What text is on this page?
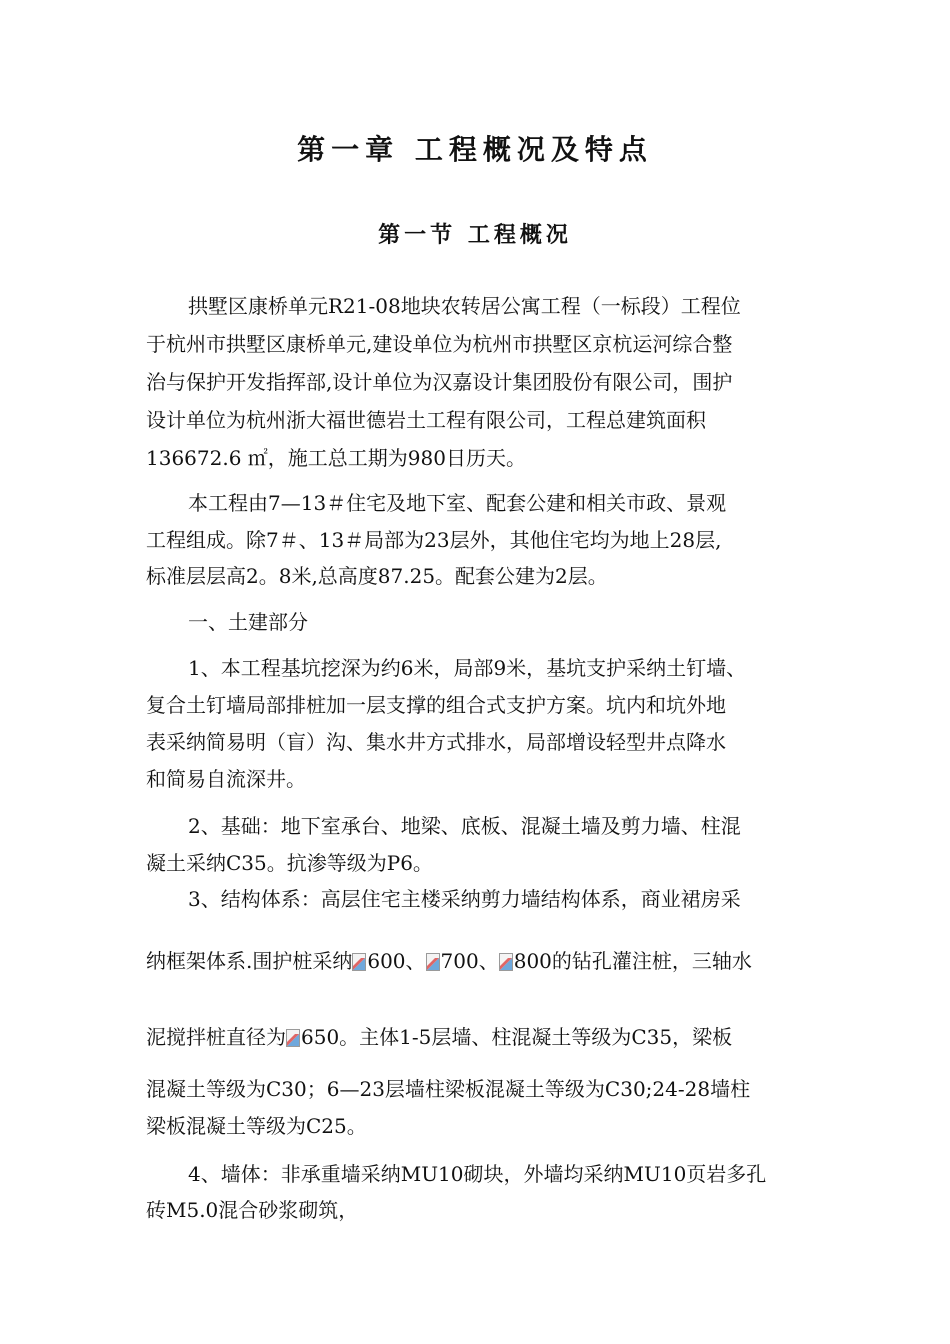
第一章 工程概况及特点
第一节 工程概况
拱墅区康桥单元R21-08地块农转居公寓工程（一标段）工程位
于杭州市拱墅区康桥单元,建设单位为杭州市拱墅区京杭运河综合整
治与保护开发指挥部,设计单位为汉嘉设计集团股份有限公司，围护
设计单位为杭州浙大福世德岩土工程有限公司，工程总建筑面积
136672.6 ㎡，施工总工期为980日历天。
本工程由7—13＃住宅及地下室、配套公建和相关市政、景观
工程组成。除7＃、13＃局部为23层外，其他住宅均为地上28层,
标准层层高2。8米,总高度87.25。配套公建为2层。
一、土建部分
1、本工程基坑挖深为约6米，局部9米，基坑支护采纳土钉墙、
复合土钉墙局部排桩加一层支撑的组合式支护方案。坑内和坑外地
表采纳简易明（盲）沟、集水井方式排水，局部增设轻型井点降水
和简易自流深井。
2、基础：地下室承台、地梁、底板、混凝土墙及剪力墙、柱混
凝土采纳C35。抗渗等级为P6。
3、结构体系：高层住宅主楼采纳剪力墙结构体系，商业裙房采
纳框架体系.围护桩采纳 600、 700、 800的钻孔灌注桩，三轴水
泥搅拌桩直径为 650。主体1-5层墙、柱混凝土等级为C35，梁板
混凝土等级为C30；6—23层墙柱梁板混凝土等级为C30;24-28墙柱
梁板混凝土等级为C25。
4、墙体：非承重墙采纳MU10砌块，外墙均采纳MU10页岩多孔
砖M5.0混合砂浆砌筑，
